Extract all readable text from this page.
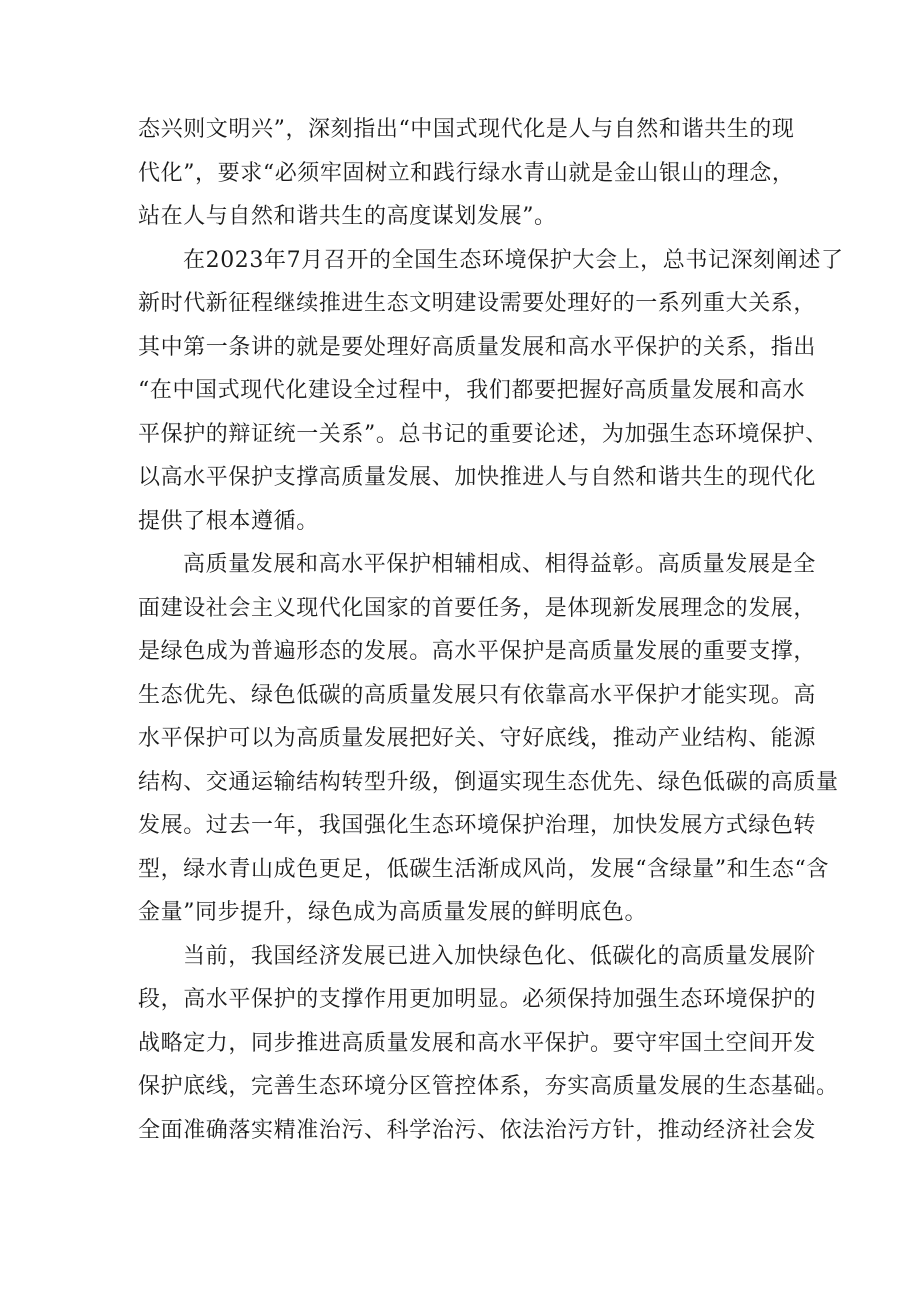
态兴则文明兴”，深刻指出“中国式现代化是人与自然和谐共生的现
代化”，要求“必须牢固树立和践行绿水青山就是金山银山的理念，
站在人与自然和谐共生的高度谋划发展”。
在2023年7月召开的全国生态环境保护大会上，总书记深刻阐述了
新时代新征程继续推进生态文明建设需要处理好的一系列重大关系，
其中第一条讲的就是要处理好高质量发展和高水平保护的关系，指出
“在中国式现代化建设全过程中，我们都要把握好高质量发展和高水
平保护的辩证统一关系”。总书记的重要论述，为加强生态环境保护、
以高水平保护支撑高质量发展、加快推进人与自然和谐共生的现代化
提供了根本遵循。
高质量发展和高水平保护相辅相成、相得益彰。高质量发展是全
面建设社会主义现代化国家的首要任务，是体现新发展理念的发展，
是绿色成为普遍形态的发展。高水平保护是高质量发展的重要支撑，
生态优先、绿色低碳的高质量发展只有依靠高水平保护才能实现。高
水平保护可以为高质量发展把好关、守好底线，推动产业结构、能源
结构、交通运输结构转型升级，倒逼实现生态优先、绿色低碳的高质量
发展。过去一年，我国强化生态环境保护治理，加快发展方式绿色转
型，绿水青山成色更足，低碳生活渐成风尚，发展“含绿量”和生态“含
金量”同步提升，绿色成为高质量发展的鲜明底色。
当前，我国经济发展已进入加快绿色化、低碳化的高质量发展阶
段，高水平保护的支撑作用更加明显。必须保持加强生态环境保护的
战略定力，同步推进高质量发展和高水平保护。要守牢国土空间开发
保护底线，完善生态环境分区管控体系，夯实高质量发展的生态基础。
全面准确落实精准治污、科学治污、依法治污方针，推动经济社会发
